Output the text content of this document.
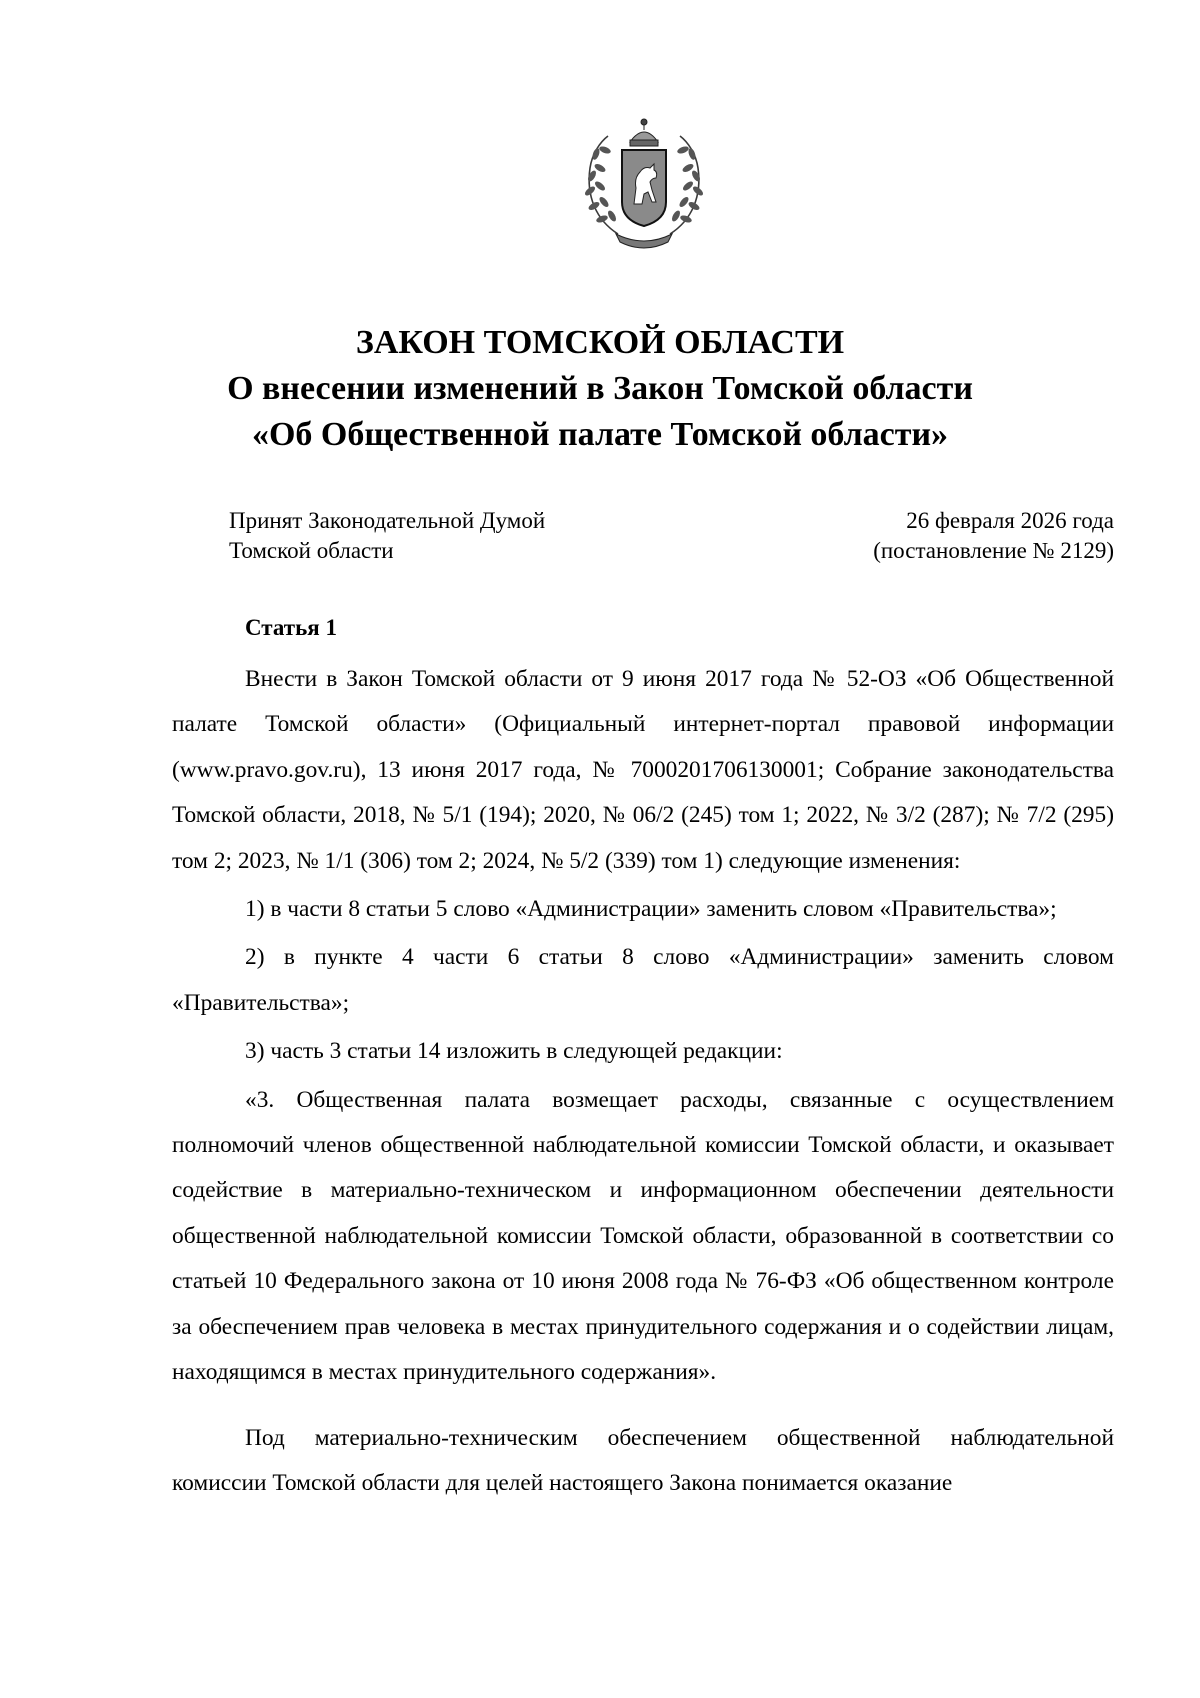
ЗАКОН ТОМСКОЙ ОБЛАСТИ

О внесении изменений в Закон Томской области

«Об Общественной палате Томской области»

Принят Законодательной Думой
Томской области
26 февраля 2026 года
(постановление № 2129)
Статья 1

Внести в Закон Томской области от 9 июня 2017 года № 52-ОЗ «Об Общественной палате Томской области» (Официальный интернет-портал правовой информации (www.pravo.gov.ru), 13 июня 2017 года, № 7000201706130001; Собрание законодательства Томской области, 2018, № 5/1 (194); 2020, № 06/2 (245) том 1; 2022, № 3/2 (287); № 7/2 (295) том 2; 2023, № 1/1 (306) том 2; 2024, № 5/2 (339) том 1) следующие изменения:

1) в части 8 статьи 5 слово «Администрации» заменить словом «Правительства»;

2) в пункте 4 части 6 статьи 8 слово «Администрации» заменить словом «Правительства»;

3) часть 3 статьи 14 изложить в следующей редакции:

«3. Общественная палата возмещает расходы, связанные с осуществлением полномочий членов общественной наблюдательной комиссии Томской области, и оказывает содействие в материально-техническом и информационном обеспечении деятельности общественной наблюдательной комиссии Томской области, образованной в соответствии со статьей 10 Федерального закона от 10 июня 2008 года № 76-ФЗ «Об общественном контроле за обеспечением прав человека в местах принудительного содержания и о содействии лицам, находящимся в местах принудительного содержания».

Под материально-техническим обеспечением общественной наблюдательной комиссии Томской области для целей настоящего Закона понимается оказание
